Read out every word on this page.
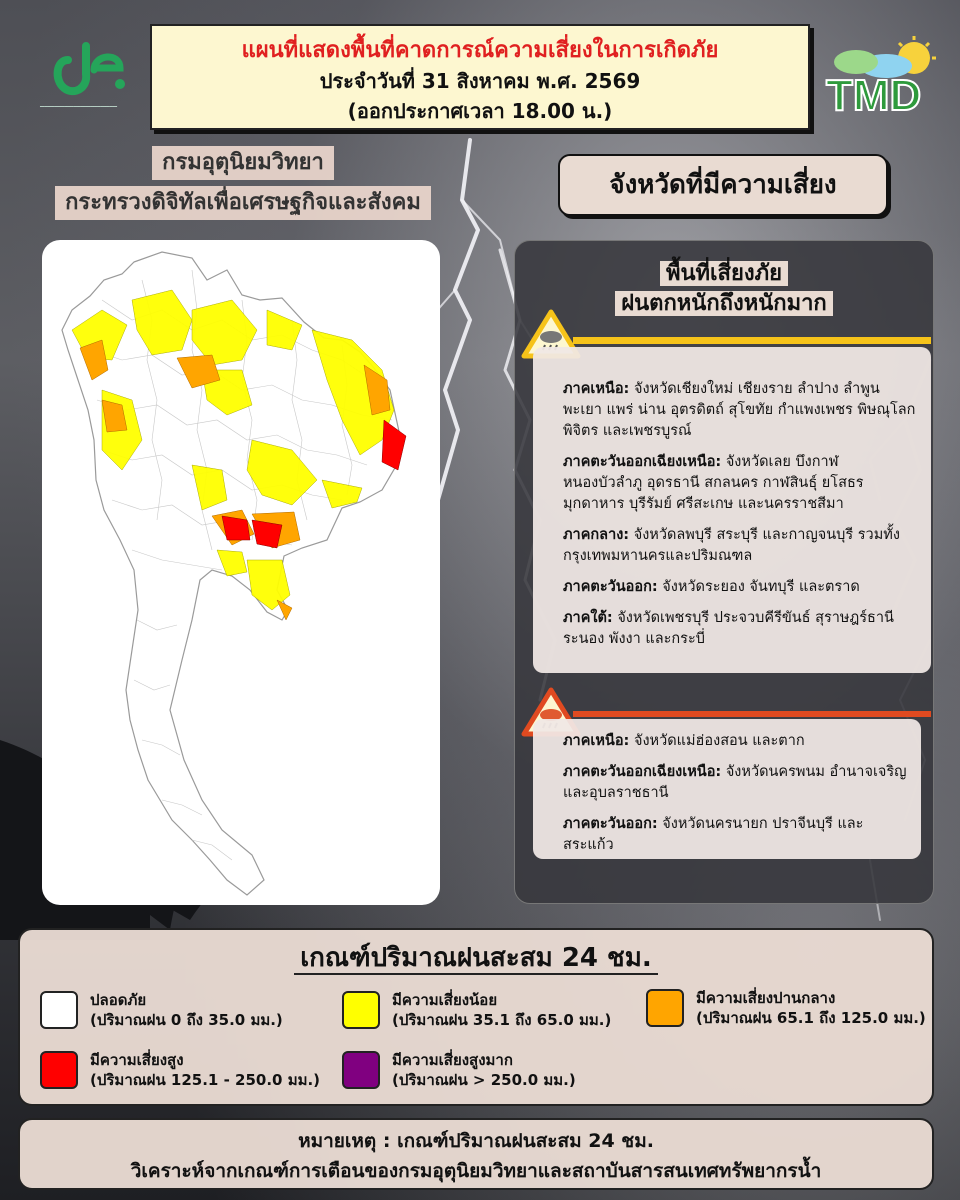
━━━━━━━━━━━━━━━━━━━━━━━━━━━━━━━━
แผนที่แสดงพื้นที่คาดการณ์ความเสี่ยงในการเกิดภัย
ประจำวันที่ 31 สิงหาคม พ.ศ. 2569
(ออกประกาศเวลา 18.00 น.)	TMD
กรมอุตุนิยมวิทยา
กระทรวงดิจิทัลเพื่อเศรษฐกิจและสังคม
จังหวัดที่มีความเสี่ยง
พื้นที่เสี่ยงภัย
ฝนตกหนักถึงหนักมาก

ภาคเหนือ: จังหวัดเชียงใหม่ เชียงราย ลำปาง ลำพูน พะเยา แพร่ น่าน อุตรดิตถ์ สุโขทัย กำแพงเพชร พิษณุโลก พิจิตร และเพชรบูรณ์

ภาคตะวันออกเฉียงเหนือ: จังหวัดเลย บึงกาฬ หนองบัวลำภู อุดรธานี สกลนคร กาฬสินธุ์ ยโสธร มุกดาหาร บุรีรัมย์ ศรีสะเกษ และนครราชสีมา

ภาคกลาง: จังหวัดลพบุรี สระบุรี และกาญจนบุรี รวมทั้งกรุงเทพมหานครและปริมณฑล

ภาคตะวันออก: จังหวัดระยอง จันทบุรี และตราด

ภาคใต้: จังหวัดเพชรบุรี ประจวบคีรีขันธ์ สุราษฎร์ธานี ระนอง พังงา และกระบี่

ภาคเหนือ: จังหวัดแม่ฮ่องสอน และตาก

ภาคตะวันออกเฉียงเหนือ: จังหวัดนครพนม อำนาจเจริญ และอุบลราชธานี

ภาคตะวันออก: จังหวัดนครนายก ปราจีนบุรี และสระแก้ว

เกณฑ์ปริมาณฝนสะสม 24 ชม.
ปลอดภัย
(ปริมาณฝน 0 ถึง 35.0 มม.)
มีความเสี่ยงน้อย
(ปริมาณฝน 35.1 ถึง 65.0 มม.)
มีความเสี่ยงปานกลาง
(ปริมาณฝน 65.1 ถึง 125.0 มม.)
มีความเสี่ยงสูง
(ปริมาณฝน 125.1 - 250.0 มม.)
มีความเสี่ยงสูงมาก
(ปริมาณฝน > 250.0 มม.)
หมายเหตุ : เกณฑ์ปริมาณฝนสะสม 24 ชม.
วิเคราะห์จากเกณฑ์การเตือนของกรมอุตุนิยมวิทยาและสถาบันสารสนเทศทรัพยากรน้ำ
